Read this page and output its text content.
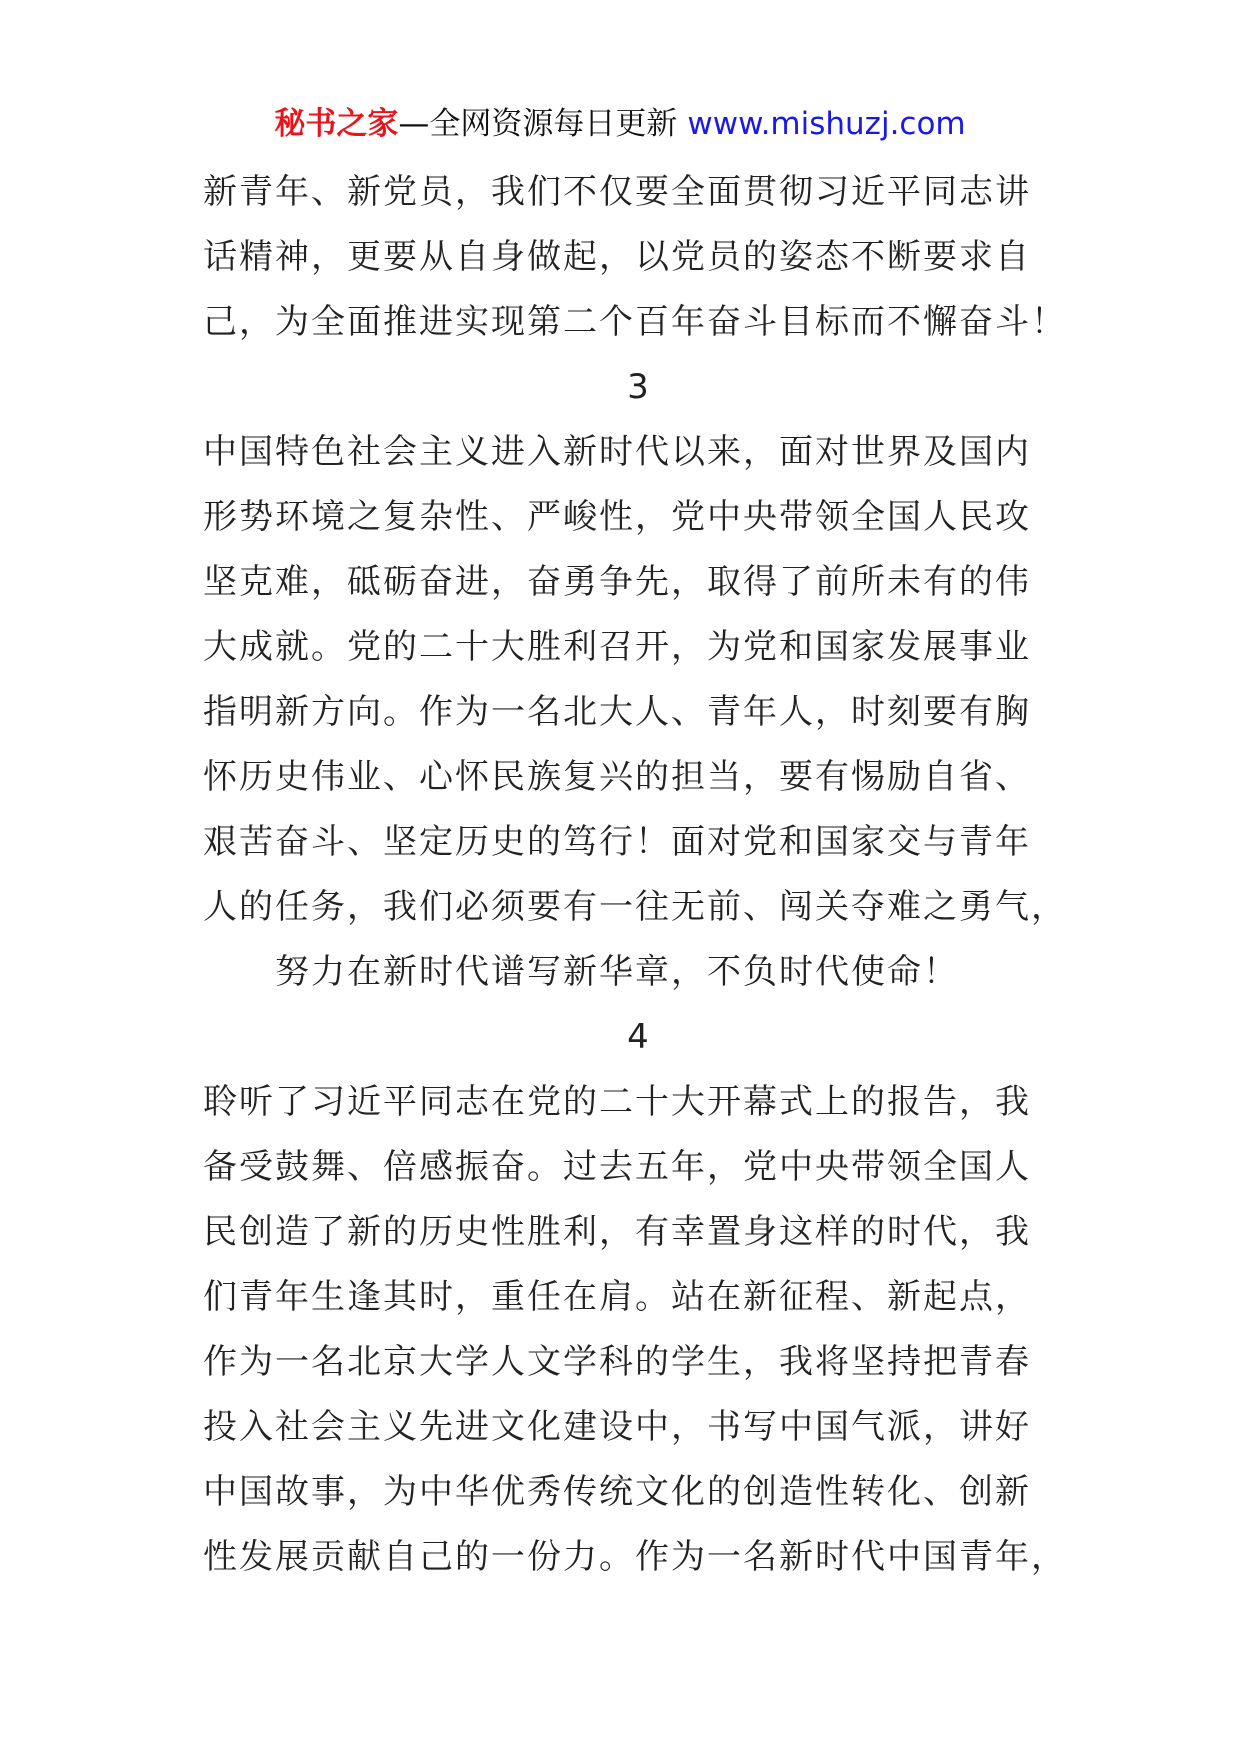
秘书之家—全网资源每日更新 www.mishuzj.com
新青年、新党员，我们不仅要全面贯彻习近平同志讲
话精神，更要从自身做起，以党员的姿态不断要求自
己，为全面推进实现第二个百年奋斗目标而不懈奋斗！
3
中国特色社会主义进入新时代以来，面对世界及国内
形势环境之复杂性、严峻性，党中央带领全国人民攻
坚克难，砥砺奋进，奋勇争先，取得了前所未有的伟
大成就。党的二十大胜利召开，为党和国家发展事业
指明新方向。作为一名北大人、青年人，时刻要有胸
怀历史伟业、心怀民族复兴的担当，要有惕励自省、
艰苦奋斗、坚定历史的笃行！面对党和国家交与青年
人的任务，我们必须要有一往无前、闯关夺难之勇气，
努力在新时代谱写新华章，不负时代使命！
4
聆听了习近平同志在党的二十大开幕式上的报告，我
备受鼓舞、倍感振奋。过去五年，党中央带领全国人
民创造了新的历史性胜利，有幸置身这样的时代，我
们青年生逢其时，重任在肩。站在新征程、新起点，
作为一名北京大学人文学科的学生，我将坚持把青春
投入社会主义先进文化建设中，书写中国气派，讲好
中国故事，为中华优秀传统文化的创造性转化、创新
性发展贡献自己的一份力。作为一名新时代中国青年，
